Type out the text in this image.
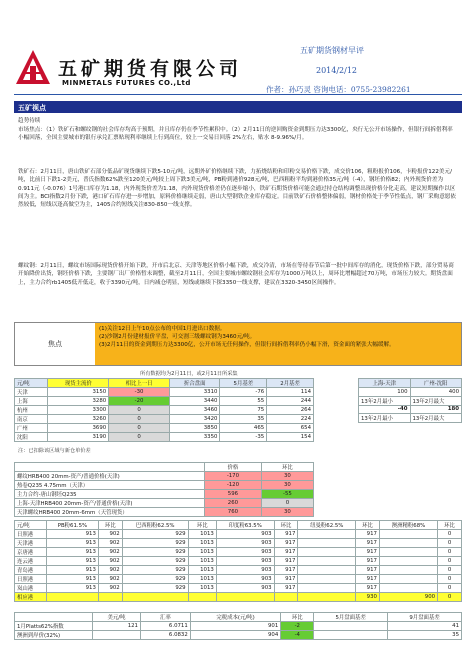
五矿期货有限公司
MINMETALS FUTURES CO.,Ltd
五矿期货钢材早评
2014/2/12
作者：孙巧灵 咨询电话：0755-23982261
五矿视点
趋势待续
市场焦点：（1）铁矿石和螺纹钢的社会库存均高于预期，并且库存仍在季节性累积中。（2）2月11日的逆回购资金到期压力达3300亿，央行无公开市场操作，但银行间拆借利率小幅回落，全国主要城市的银行承兑汇票贴现利率继续上行到高位，较上一交易日回落 2%左右，贴水 8-9.96%/月。
铁矿石：2月11日，唐山铁矿石部分低品矿现货继续下跌5-10元/吨，远期外矿价格继续下跌，力拓烧结粉和印粉交易价格下跌，成交价106，粗粉报价106，卡粉报价122美元/吨，比前日下跌1-2美元，普氏指数62%跌至120美元/吨较上周下跌3美元/吨，PB粉到港价928元/吨，巴西粗粉平均到港价格35元/吨（-4），钢坯价格82；内外现货价差为0.911元（-0.076）1号港口库存为1.18，内外现货价差为1.18，内外现货价格差仍在逐步缩小，铁矿石期货价格可能会通过持仓结构调整出现价格分化走高，建议短期操作以区间为主。BCI指数2月份下跌，港口矿石库存进一步增加，原料价格继续走弱，唐山大型钢铁企业库存稳定。目前铁矿石价格整体偏弱，钢材价格处于季节性低点，钢厂采购意愿依然较低，短线以逢高做空为主，1405合约短线关注830-850一线支撑。
螺纹钢：2月11日，螺纹市场国际现货价格开始下跌，开市后北京、天津等地区价格小幅下跌，成交冷清，市场在等待春节后第一批中间库存的消化，现货价格下跌，部分贸易商开始降价出货，钢坯价格下跌，主要钢厂出厂价格暂未调整，截至2月11日，全国主要城市螺纹钢社会库存为1000万吨以上，周环比增幅超过70万吨，市场压力较大。期货盘面上，主力合约rb1405低开低走，收于3390元/吨，日内减仓明显，短线或继续下探3350一线支撑，建议在3320-3450区间操作。
焦点
(1)关注12日上午10点公布的中国1月进出口数据。
(2)沙钢2月份建材报价平盘，可交割三级螺纹钢为3460元/吨。
(3)2月11日的资金到期压力达3300亿，公开市场无任何操作，但银行间拆借利率仍小幅下滑，资金面的紧张大幅缓解。
所有数据均为2月11日，或2月11日所采集
元/吨	现货主流价	相比上一日	折合盘面	5月基差	2月基差
天津	3150	-30	3310	-76	114
上海	3280	-20	3440	55	244
杭州	3300	0	3460	75	264
南京	3260	0	3420	35	224
广州	3690	0	3850	465	654
沈阳	3190	0	3350	-35	154
注：已扣除该区域与新仓单价差
上海-天津	广州-沈阳
100	400
13年2月最小	13年2月最大
-40	180
13年2月最小	13年2月最大
	价格	环比
螺纹HRB400 20mm-资产/普通价格(天津)	-170	30
热卷Q235 4.75mm（天津）	-120	30
主力合约-唐山钢坯Q235	596	-55
上海-天津HRB400 20mm-资产/普通价格(天津)	260	0
天津螺纹HRB400 20mm-6mm（天管现货）	760	30
元/吨	PB粉61.5%	环比	巴西粗粉62.5%	环比	印度粉63.5%	环比	纽曼粉62.5%	环比	澳洲精粉68%	环比
日照港	913	902	929	1013	903	917		917		0
天津港	913	902	929	1013	903	917		917		0
京唐港	913	902	929	1013	903	917		917		0
连云港	913	902	929	1013	903	917		917		0
青岛港	913	902	929	1013	903	917		917		0
日照港	913	902	929	1013	903	917		917		0
岚山港	913	902	929	1013	903	917		917		0
相应港								930	900	0
	美元/吨	汇率	完税成本(元/吨)	环比	5月盘面基差	9月盘面基差
1月Platts62%指数	121	6.0711	901	-2		41
澳洲到岸价(32%)		6.0832	904	-4		35
